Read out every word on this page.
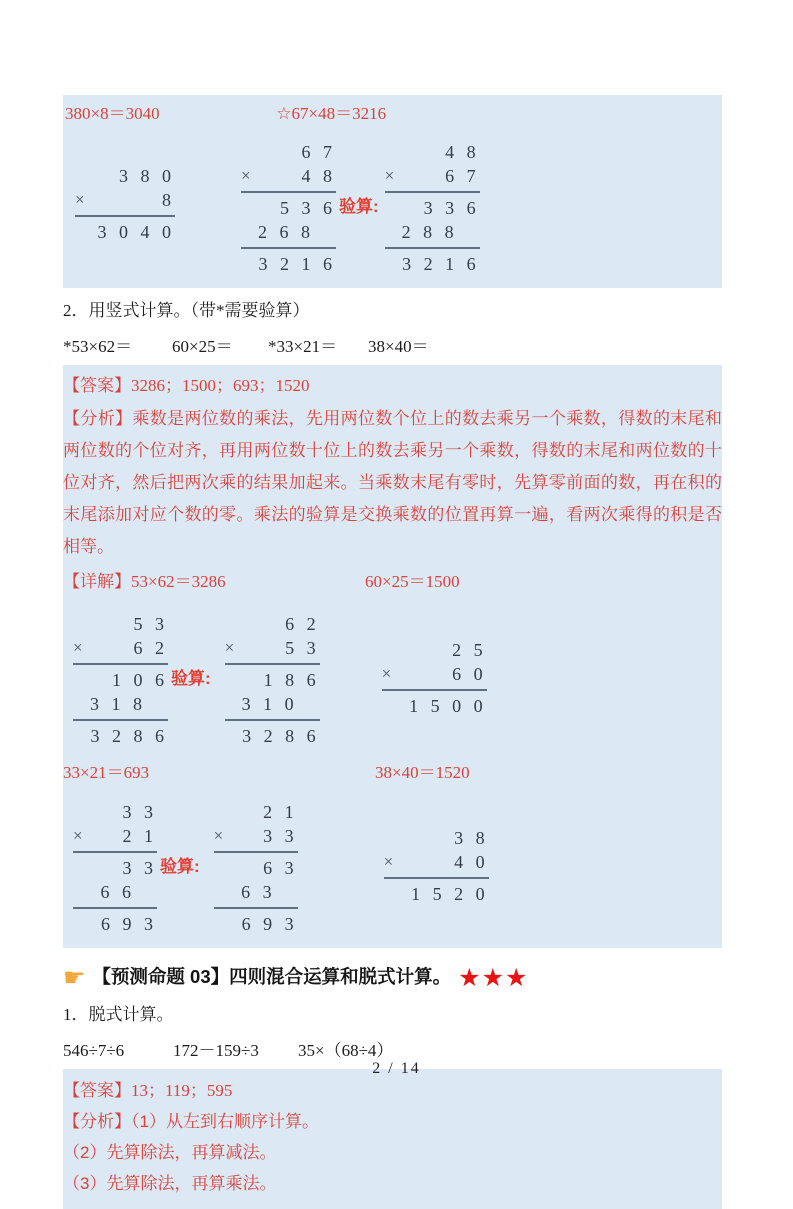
380×8＝3040	☆67×48＝3216
3 8 0
×	8
3 0 4 0
6 7
×	4 8
5 3 6
2 6 8
3 2 1 6
验算:
4 8
×	6 7
3 3 6
2 8 8
3 2 1 6

2．用竖式计算。（带*需要验算）

*53×62＝	60×25＝	*33×21＝	38×40＝

【答案】3286；1500；693；1520

【分析】乘数是两位数的乘法，先用两位数个位上的数去乘另一个乘数，得数的末尾和两位数的个位对齐，再用两位数十位上的数去乘另一个乘数，得数的末尾和两位数的十位对齐，然后把两次乘的结果加起来。当乘数末尾有零时，先算零前面的数，再在积的末尾添加对应个数的零。乘法的验算是交换乘数的位置再算一遍，看两次乘得的积是否相等。

【详解】53×62＝3286	60×25＝1500
5 3
×	6 2
1 0 6
3 1 8
3 2 8 6
验算:
6 2
×	5 3
1 8 6
3 1 0
3 2 8 6
2 5
×	6 0
1 5 0 0
33×21＝693	38×40＝1520
3 3
× 2 1
3 3
6 6
6 9 3
验算:
2 1
× 3 3
6 3
6 3
6 9 3
3 8
×	4 0
1 5 2 0
☛ 【预测命题 03】四则混合运算和脱式计算。 ★★★

1．脱式计算。

546÷7÷6	172－159÷3	35×（68÷4）

【答案】13；119；595

【分析】（1）从左到右顺序计算。

（2）先算除法，再算减法。

（3）先算除法，再算乘法。

2 / 14
